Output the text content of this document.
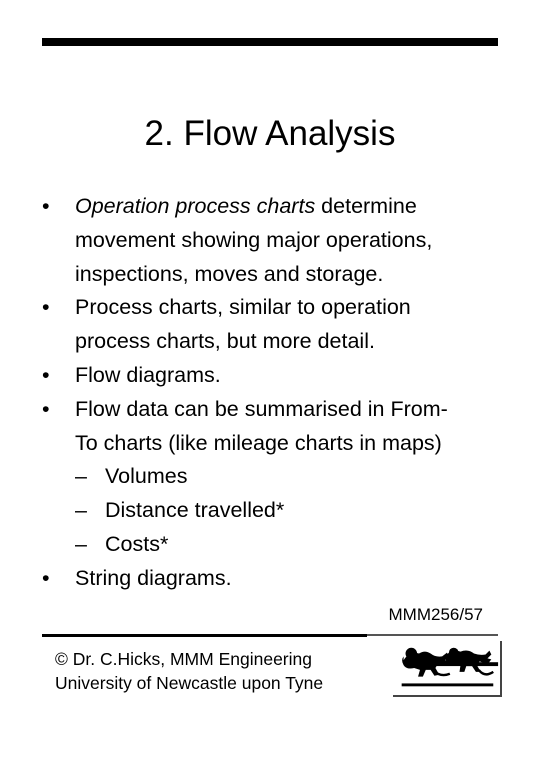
2. Flow Analysis
• Operation process charts determine
movement showing major operations,
inspections, moves and storage.
• Process charts, similar to operation
process charts, but more detail.
• Flow diagrams.
• Flow data can be summarised in From-
To charts (like mileage charts in maps)
– Volumes
– Distance travelled*
– Costs*
• String diagrams.
MMM256/57
© Dr. C.Hicks, MMM Engineering
University of Newcastle upon Tyne
